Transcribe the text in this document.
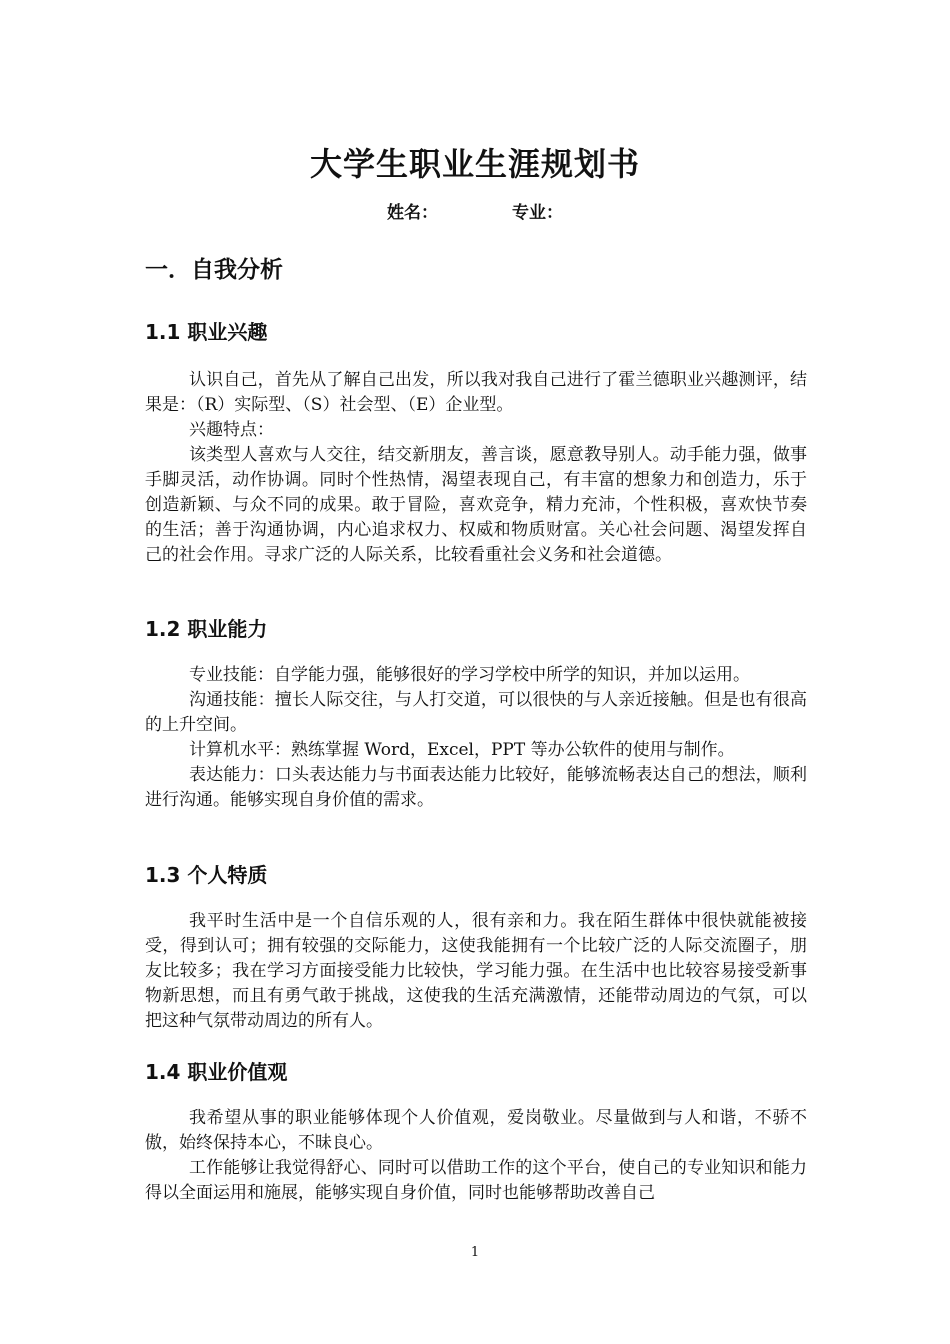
大学生职业生涯规划书
姓名：	专业：
一．自我分析
1.1 职业兴趣

认识自己，首先从了解自己出发，所以我对我自己进行了霍兰德职业兴趣测评，结果是：（R）实际型、（S）社会型、（E）企业型。

兴趣特点：

该类型人喜欢与人交往，结交新朋友，善言谈，愿意教导别人。动手能力强，做事手脚灵活，动作协调。同时个性热情，渴望表现自己，有丰富的想象力和创造力，乐于创造新颖、与众不同的成果。敢于冒险，喜欢竞争，精力充沛，个性积极，喜欢快节奏的生活；善于沟通协调，内心追求权力、权威和物质财富。关心社会问题、渴望发挥自己的社会作用。寻求广泛的人际关系，比较看重社会义务和社会道德。

1.2 职业能力

专业技能：自学能力强，能够很好的学习学校中所学的知识，并加以运用。

沟通技能：擅长人际交往，与人打交道，可以很快的与人亲近接触。但是也有很高的上升空间。

计算机水平：熟练掌握 Word，Excel，PPT 等办公软件的使用与制作。

表达能力：口头表达能力与书面表达能力比较好，能够流畅表达自己的想法，顺利进行沟通。能够实现自身价值的需求。

1.3 个人特质

我平时生活中是一个自信乐观的人，很有亲和力。我在陌生群体中很快就能被接受，得到认可；拥有较强的交际能力，这使我能拥有一个比较广泛的人际交流圈子，朋友比较多；我在学习方面接受能力比较快，学习能力强。在生活中也比较容易接受新事物新思想，而且有勇气敢于挑战，这使我的生活充满激情，还能带动周边的气氛，可以把这种气氛带动周边的所有人。

1.4 职业价值观

我希望从事的职业能够体现个人价值观，爱岗敬业。尽量做到与人和谐，不骄不傲，始终保持本心，不昧良心。

工作能够让我觉得舒心、同时可以借助工作的这个平台，使自己的专业知识和能力得以全面运用和施展，能够实现自身价值，同时也能够帮助改善自己

1
